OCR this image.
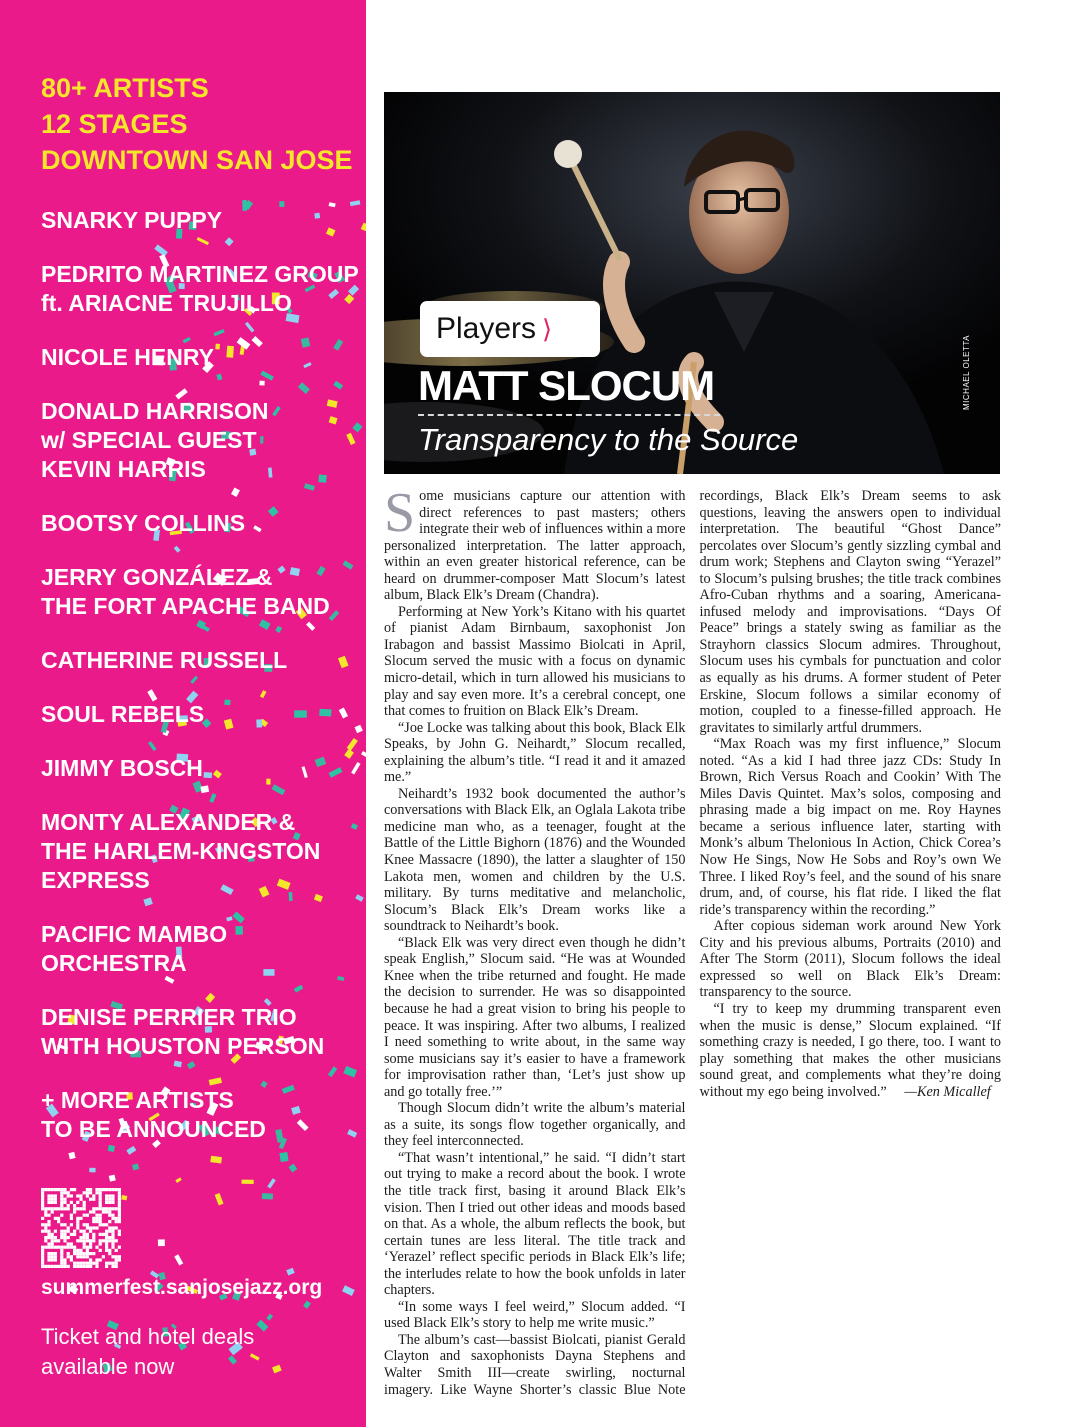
80+ ARTISTS
12 STAGES
DOWNTOWN SAN JOSE
SNARKY PUPPY
PEDRITO MARTINEZ GROUP
ft. ARIACNE TRUJILLO
NICOLE HENRY
DONALD HARRISON
w/ SPECIAL GUEST
KEVIN HARRIS
BOOTSY COLLINS
JERRY GONZÁLEZ &
THE FORT APACHE BAND
CATHERINE RUSSELL
SOUL REBELS
JIMMY BOSCH
MONTY ALEXANDER &
THE HARLEM-KINGSTON
EXPRESS
PACIFIC MAMBO
ORCHESTRA
DENISE PERRIER TRIO
WITH HOUSTON PERSON
+ MORE ARTISTS
TO BE ANNOUNCED
summerfest.sanjosejazz.org
Ticket and hotel deals
available now
Players ⟩
MATT SLOCUM
Transparency to the Source
MICHAEL OLETTA

Some musicians capture our attention with direct references to past masters; others integrate their web of influences within a more personalized interpretation. The latter approach, within an even greater historical reference, can be heard on drummer-composer Matt Slocum’s latest album, Black Elk’s Dream (Chandra).

Performing at New York’s Kitano with his quartet of pianist Adam Birnbaum, saxophonist Jon Irabagon and bassist Massimo Biolcati in April, Slocum served the music with a focus on dynamic micro-detail, which in turn allowed his musicians to play and say even more. It’s a cerebral concept, one that comes to fruition on Black Elk’s Dream.

“Joe Locke was talking about this book, Black Elk Speaks, by John G. Neihardt,” Slocum recalled, explaining the album’s title. “I read it and it amazed me.”

Neihardt’s 1932 book documented the author’s conversations with Black Elk, an Oglala Lakota tribe medicine man who, as a teenager, fought at the Battle of the Little Bighorn (1876) and the Wounded Knee Massacre (1890), the latter a slaughter of 150 Lakota men, women and children by the U.S. military. By turns meditative and melancholic, Slocum’s Black Elk’s Dream works like a soundtrack to Neihardt’s book.

“Black Elk was very direct even though he didn’t speak English,” Slocum said. “He was at Wounded Knee when the tribe returned and fought. He made the decision to surrender. He was so disappointed because he had a great vision to bring his people to peace. It was inspiring. After two albums, I realized I need something to write about, in the same way some musicians say it’s easier to have a framework for improvisation rather than, ‘Let’s just show up and go totally free.’”

Though Slocum didn’t write the album’s material as a suite, its songs flow together organically, and they feel interconnected.

“That wasn’t intentional,” he said. “I didn’t start out trying to make a record about the book. I wrote the title track first, basing it around Black Elk’s vision. Then I tried out other ideas and moods based on that. As a whole, the album reflects the book, but certain tunes are less literal. The title track and ‘Yerazel’ reflect specific periods in Black Elk’s life; the interludes relate to how the book unfolds in later chapters.

“In some ways I feel weird,” Slocum added. “I used Black Elk’s story to help me write music.”

The album’s cast—bassist Biolcati, pianist Gerald Clayton and saxophonists Dayna Stephens and Walter Smith III—create swirling, nocturnal imagery. Like Wayne Shorter’s classic Blue Note recordings, Black Elk’s Dream seems to ask questions, leaving the answers open to individual interpretation. The beautiful “Ghost Dance” percolates over Slocum’s gently sizzling cymbal and drum work; Stephens and Clayton swing “Yerazel” to Slocum’s pulsing brushes; the title track combines Afro-Cuban rhythms and a soaring, Americana-infused melody and improvisations. “Days Of Peace” brings a stately swing as familiar as the Strayhorn classics Slocum admires. Throughout, Slocum uses his cymbals for punctuation and color as equally as his drums. A former student of Peter Erskine, Slocum follows a similar economy of motion, coupled to a finesse-filled approach. He gravitates to similarly artful drummers.

“Max Roach was my first influence,” Slocum noted. “As a kid I had three jazz CDs: Study In Brown, Rich Versus Roach and Cookin’ With The Miles Davis Quintet. Max’s solos, composing and phrasing made a big impact on me. Roy Haynes became a serious influence later, starting with Monk’s album Thelonious In Action, Chick Corea’s Now He Sings, Now He Sobs and Roy’s own We Three. I liked Roy’s feel, and the sound of his snare drum, and, of course, his flat ride. I liked the flat ride’s transparency within the recording.”

After copious sideman work around New York City and his previous albums, Portraits (2010) and After The Storm (2011), Slocum follows the ideal expressed so well on Black Elk’s Dream: transparency to the source.

“I try to keep my drumming transparent even when the music is dense,” Slocum explained. “If something crazy is needed, I go there, too. I want to play something that makes the other musicians sound great, and complements what they’re doing without my ego being involved.” —Ken Micallef
